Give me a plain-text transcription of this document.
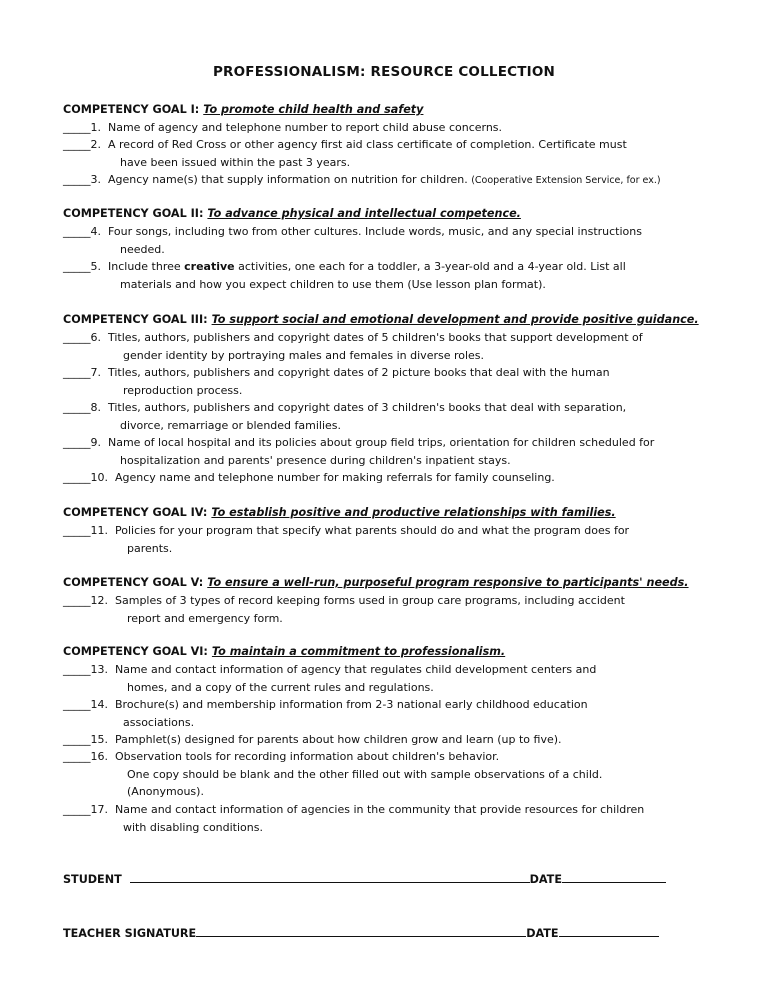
PROFESSIONALISM: RESOURCE COLLECTION
COMPETENCY GOAL I: To promote child health and safety
_____1. Name of agency and telephone number to report child abuse concerns.
_____2. A record of Red Cross or other agency first aid class certificate of completion. Certificate must
have been issued within the past 3 years.
_____3. Agency name(s) that supply information on nutrition for children. (Cooperative Extension Service, for ex.)
COMPETENCY GOAL II: To advance physical and intellectual competence.
_____4. Four songs, including two from other cultures. Include words, music, and any special instructions
needed.
_____5. Include three creative activities, one each for a toddler, a 3-year-old and a 4-year old. List all
materials and how you expect children to use them (Use lesson plan format).
COMPETENCY GOAL III: To support social and emotional development and provide positive guidance.
_____6. Titles, authors, publishers and copyright dates of 5 children's books that support development of
gender identity by portraying males and females in diverse roles.
_____7. Titles, authors, publishers and copyright dates of 2 picture books that deal with the human
reproduction process.
_____8. Titles, authors, publishers and copyright dates of 3 children's books that deal with separation,
divorce, remarriage or blended families.
_____9. Name of local hospital and its policies about group field trips, orientation for children scheduled for
hospitalization and parents' presence during children's inpatient stays.
_____10. Agency name and telephone number for making referrals for family counseling.
COMPETENCY GOAL IV: To establish positive and productive relationships with families.
_____11. Policies for your program that specify what parents should do and what the program does for
parents.
COMPETENCY GOAL V: To ensure a well-run, purposeful program responsive to participants' needs.
_____12. Samples of 3 types of record keeping forms used in group care programs, including accident
report and emergency form.
COMPETENCY GOAL VI: To maintain a commitment to professionalism.
_____13. Name and contact information of agency that regulates child development centers and
homes, and a copy of the current rules and regulations.
_____14. Brochure(s) and membership information from 2-3 national early childhood education
associations.
_____15. Pamphlet(s) designed for parents about how children grow and learn (up to five).
_____16. Observation tools for recording information about children's behavior.
One copy should be blank and the other filled out with sample observations of a child.
(Anonymous).
_____17. Name and contact information of agencies in the community that provide resources for children
with disabling conditions.
STUDENT	DATE
TEACHER SIGNATURE	DATE
